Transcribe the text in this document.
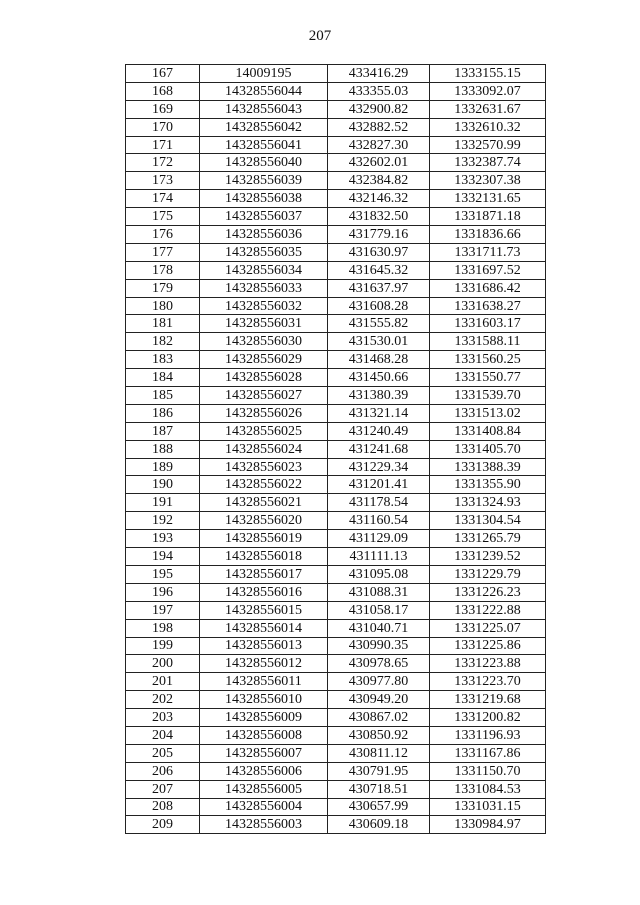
207
167	14009195	433416.29	1333155.15
168	14328556044	433355.03	1333092.07
169	14328556043	432900.82	1332631.67
170	14328556042	432882.52	1332610.32
171	14328556041	432827.30	1332570.99
172	14328556040	432602.01	1332387.74
173	14328556039	432384.82	1332307.38
174	14328556038	432146.32	1332131.65
175	14328556037	431832.50	1331871.18
176	14328556036	431779.16	1331836.66
177	14328556035	431630.97	1331711.73
178	14328556034	431645.32	1331697.52
179	14328556033	431637.97	1331686.42
180	14328556032	431608.28	1331638.27
181	14328556031	431555.82	1331603.17
182	14328556030	431530.01	1331588.11
183	14328556029	431468.28	1331560.25
184	14328556028	431450.66	1331550.77
185	14328556027	431380.39	1331539.70
186	14328556026	431321.14	1331513.02
187	14328556025	431240.49	1331408.84
188	14328556024	431241.68	1331405.70
189	14328556023	431229.34	1331388.39
190	14328556022	431201.41	1331355.90
191	14328556021	431178.54	1331324.93
192	14328556020	431160.54	1331304.54
193	14328556019	431129.09	1331265.79
194	14328556018	431111.13	1331239.52
195	14328556017	431095.08	1331229.79
196	14328556016	431088.31	1331226.23
197	14328556015	431058.17	1331222.88
198	14328556014	431040.71	1331225.07
199	14328556013	430990.35	1331225.86
200	14328556012	430978.65	1331223.88
201	14328556011	430977.80	1331223.70
202	14328556010	430949.20	1331219.68
203	14328556009	430867.02	1331200.82
204	14328556008	430850.92	1331196.93
205	14328556007	430811.12	1331167.86
206	14328556006	430791.95	1331150.70
207	14328556005	430718.51	1331084.53
208	14328556004	430657.99	1331031.15
209	14328556003	430609.18	1330984.97
